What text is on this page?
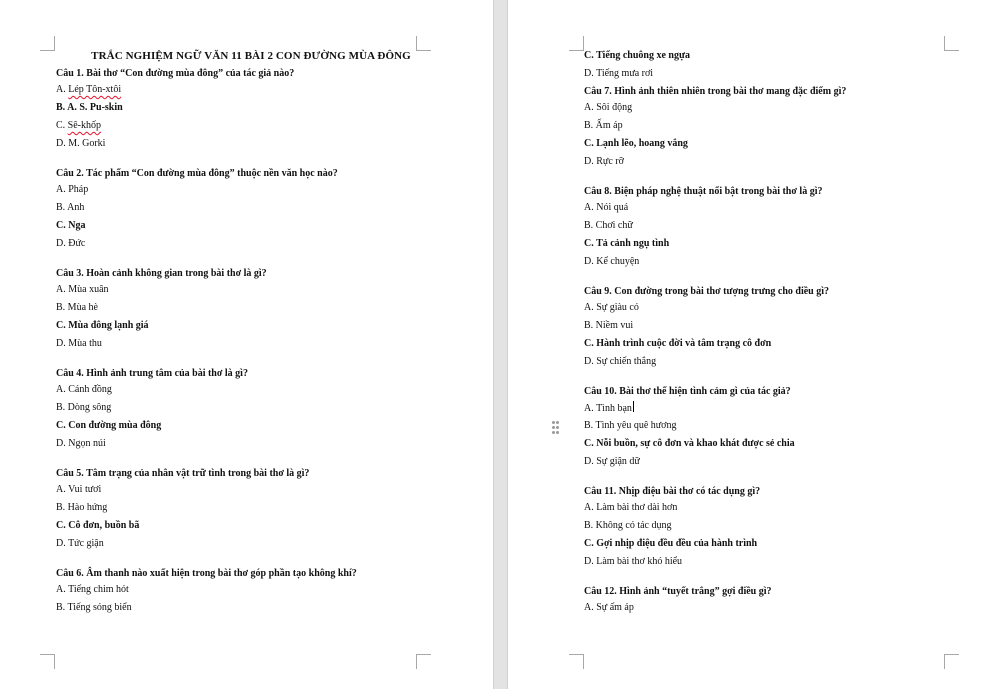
TRẮC NGHIỆM NGỮ VĂN 11 BÀI 2 CON ĐƯỜNG MÙA ĐÔNG
Câu 1. Bài thơ “Con đường mùa đông” của tác giả nào?
A. Lép Tôn-xtôi
B. A. S. Pu-skin
C. Sê-khốp
D. M. Gorki
Câu 2. Tác phẩm “Con đường mùa đông” thuộc nền văn học nào?
A. Pháp
B. Anh
C. Nga
D. Đức
Câu 3. Hoàn cảnh không gian trong bài thơ là gì?
A. Mùa xuân
B. Mùa hè
C. Mùa đông lạnh giá
D. Mùa thu
Câu 4. Hình ảnh trung tâm của bài thơ là gì?
A. Cánh đồng
B. Dòng sông
C. Con đường mùa đông
D. Ngọn núi
Câu 5. Tâm trạng của nhân vật trữ tình trong bài thơ là gì?
A. Vui tươi
B. Hào hứng
C. Cô đơn, buồn bã
D. Tức giận
Câu 6. Âm thanh nào xuất hiện trong bài thơ góp phần tạo không khí?
A. Tiếng chim hót
B. Tiếng sóng biển
C. Tiếng chuông xe ngựa
D. Tiếng mưa rơi
Câu 7. Hình ảnh thiên nhiên trong bài thơ mang đặc điểm gì?
A. Sôi động
B. Ấm áp
C. Lạnh lẽo, hoang vắng
D. Rực rỡ
Câu 8. Biện pháp nghệ thuật nổi bật trong bài thơ là gì?
A. Nói quá
B. Chơi chữ
C. Tả cảnh ngụ tình
D. Kể chuyện
Câu 9. Con đường trong bài thơ tượng trưng cho điều gì?
A. Sự giàu có
B. Niềm vui
C. Hành trình cuộc đời và tâm trạng cô đơn
D. Sự chiến thắng
Câu 10. Bài thơ thể hiện tình cảm gì của tác giả?
A. Tình bạn
B. Tình yêu quê hương
C. Nỗi buồn, sự cô đơn và khao khát được sẻ chia
D. Sự giận dữ
Câu 11. Nhịp điệu bài thơ có tác dụng gì?
A. Làm bài thơ dài hơn
B. Không có tác dụng
C. Gợi nhịp điệu đều đều của hành trình
D. Làm bài thơ khó hiểu
Câu 12. Hình ảnh “tuyết trắng” gợi điều gì?
A. Sự ấm áp
